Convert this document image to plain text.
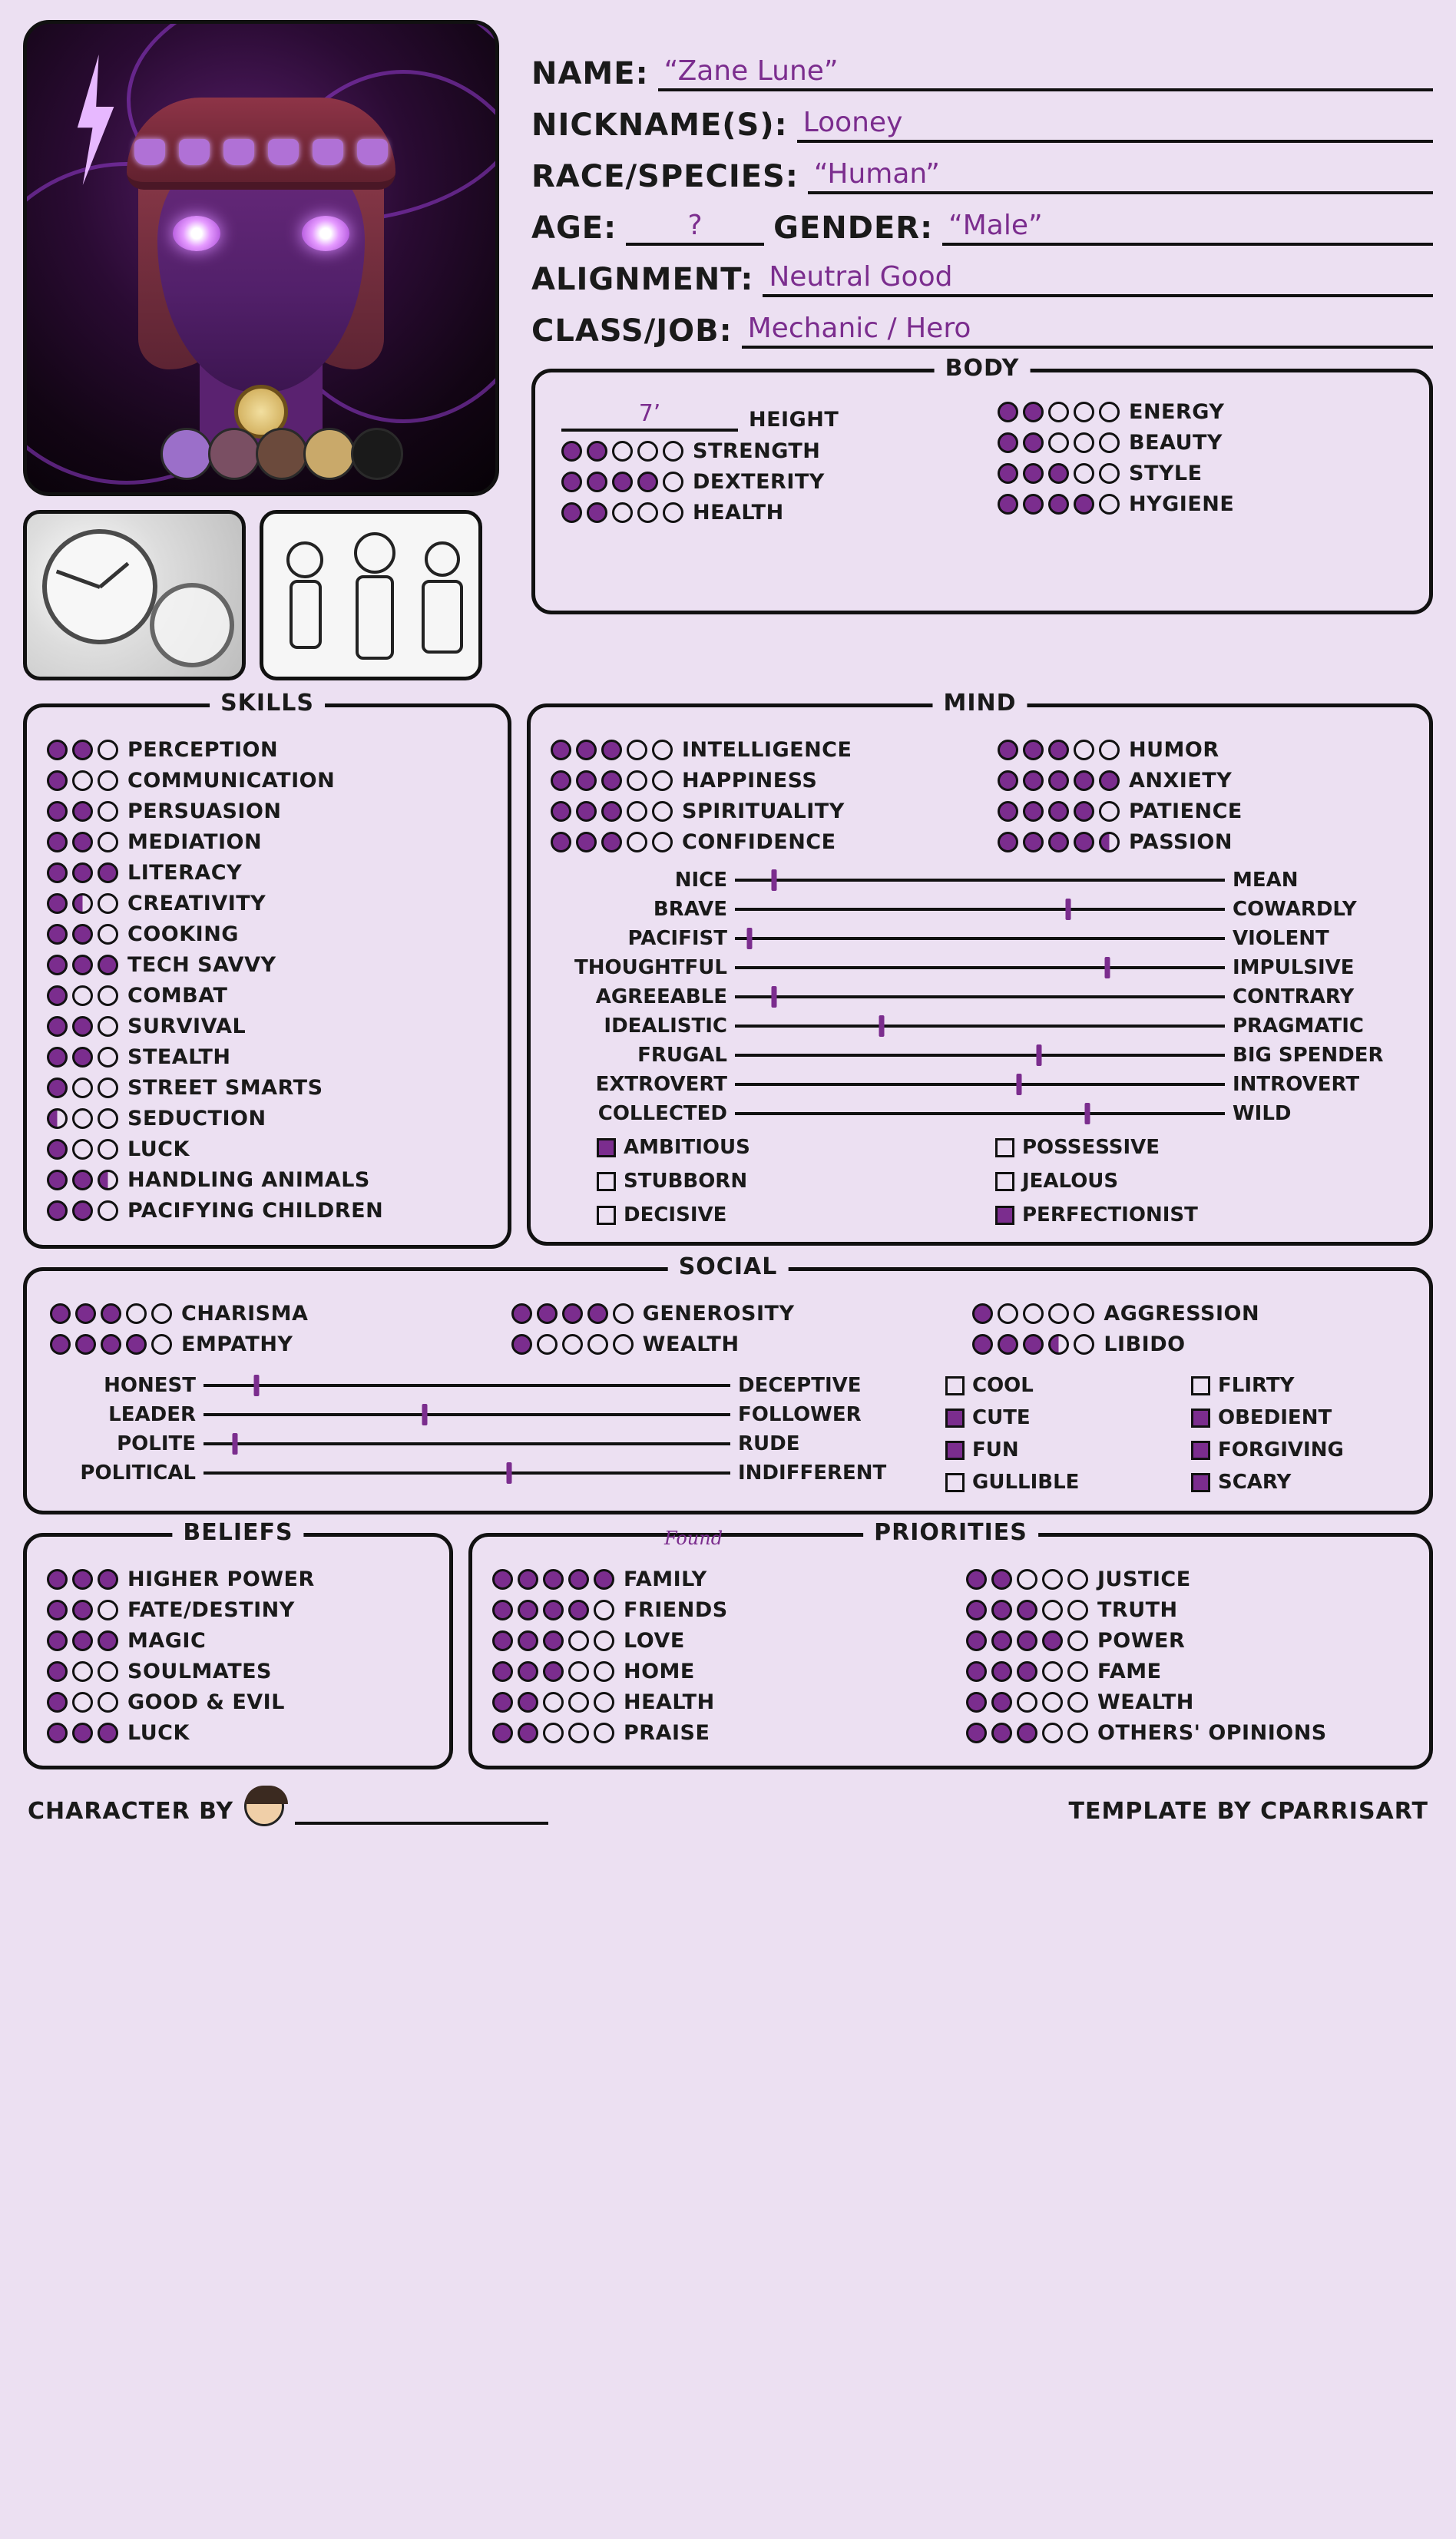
NAME: “Zane Lune”
NICKNAME(S): Looney
RACE/SPECIES: “Human”
AGE:	?	GENDER: “Male”
ALIGNMENT: Neutral Good
CLASS/JOB: Mechanic / Hero
BODY
7’	HEIGHT
STRENGTH
DEXTERITY
HEALTH
ENERGY
BEAUTY
STYLE
HYGIENE
SKILLS
PERCEPTION
COMMUNICATION
PERSUASION
MEDIATION
LITERACY
CREATIVITY
COOKING
TECH SAVVY
COMBAT
SURVIVAL
STEALTH
STREET SMARTS
SEDUCTION
LUCK
HANDLING ANIMALS
PACIFYING CHILDREN
MIND
INTELLIGENCE
HAPPINESS
SPIRITUALITY
CONFIDENCE
HUMOR
ANXIETY
PATIENCE
PASSION
NICE	MEAN
BRAVE	COWARDLY
PACIFIST	VIOLENT
THOUGHTFUL	IMPULSIVE
AGREEABLE	CONTRARY
IDEALISTIC	PRAGMATIC
FRUGAL	BIG SPENDER
EXTROVERT	INTROVERT
COLLECTED	WILD
AMBITIOUS	POSSESSIVE
STUBBORN	JEALOUS
DECISIVE	PERFECTIONIST
SOCIAL
CHARISMA
EMPATHY
GENEROSITY
WEALTH
AGGRESSION
LIBIDO
HONEST	DECEPTIVE
LEADER	FOLLOWER
POLITE	RUDE
POLITICAL	INDIFFERENT
COOL	FLIRTY
CUTE	OBEDIENT
FUN	FORGIVING
GULLIBLE	SCARY
BELIEFS
HIGHER POWER
FATE/DESTINY
MAGIC
SOULMATES
GOOD & EVIL
LUCK
PRIORITIES
Found
FAMILY
FRIENDS
LOVE
HOME
HEALTH
PRAISE
JUSTICE
TRUTH
POWER
FAME
WEALTH
OTHERS' OPINIONS
CHARACTER BY	TEMPLATE BY CPARRISART
